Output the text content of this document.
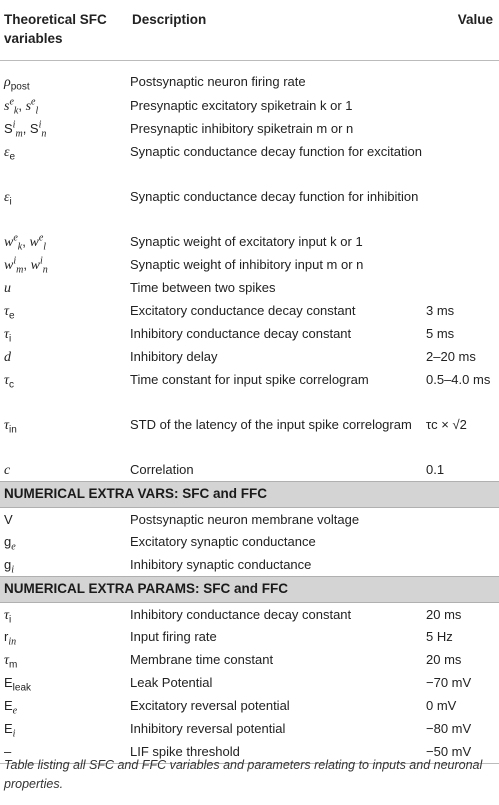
Theoretical SFC variables	Description	Value
$\rho_{post}$	Postsynaptic neuron firing rate	
$s^e_k$, $s^e_l$	Presynaptic excitatory spiketrain k or 1	
$S^i_m$, $S^i_n$	Presynaptic inhibitory spiketrain m or n	
$\varepsilon_e$	Synaptic conductance decay function for excitation	
$\varepsilon_i$	Synaptic conductance decay function for inhibition	
$w^e_k$, $w^e_l$	Synaptic weight of excitatory input k or 1	
$w^i_m$, $w^i_n$	Synaptic weight of inhibitory input m or n	
u	Time between two spikes	
$\tau_e$	Excitatory conductance decay constant	3 ms
$\tau_i$	Inhibitory conductance decay constant	5 ms
d	Inhibitory delay	2–20 ms
$\tau_c$	Time constant for input spike correlogram	0.5–4.0 ms
$\tau_{in}$	STD of the latency of the input spike correlogram	τc × √2
c	Correlation	0.1
NUMERICAL EXTRA VARS: SFC and FFC		
V	Postsynaptic neuron membrane voltage	
$g_e$	Excitatory synaptic conductance	
$g_i$	Inhibitory synaptic conductance	
NUMERICAL EXTRA PARAMS: SFC and FFC		
$\tau_i$	Inhibitory conductance decay constant	20 ms
$r_{in}$	Input firing rate	5 Hz
$\tau_m$	Membrane time constant	20 ms
$E_{leak}$	Leak Potential	−70 mV
$E_e$	Excitatory reversal potential	0 mV
$E_i$	Inhibitory reversal potential	−80 mV
–	LIF spike threshold	−50 mV
Table listing all SFC and FFC variables and parameters relating to inputs and neuronal properties.
